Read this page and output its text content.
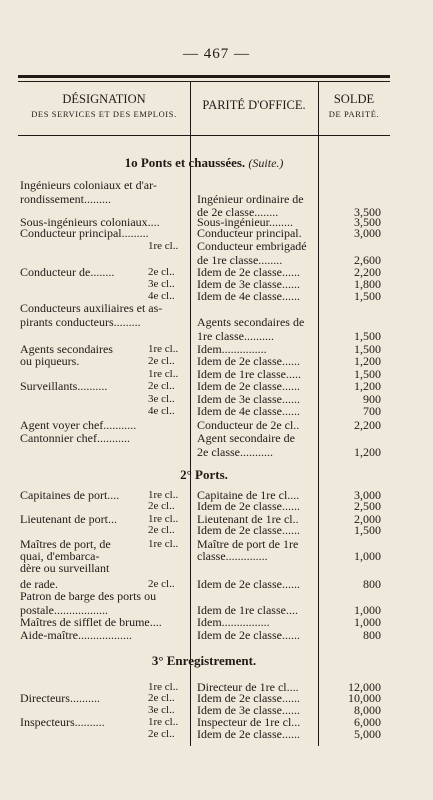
— 467 —
DÉSIGNATION
DES SERVICES ET DES EMPLOIS.
PARITÉ D'OFFICE.	SOLDE
DE PARITÉ.
1o Ponts et chaussées. (Suite.)
2° Ports.
3° Enregistrement.
Ingénieurs coloniaux et d'ar-
rondissement.........	Ingénieur ordinaire de
de 2e classe........	3,500
Sous-ingénieurs coloniaux....	Sous-ingénieur........	3,500
Conducteur principal.........	Conducteur principal.	3,000
1re cl.. Conducteur embrigadé
de 1re classe........	2,600
Conducteur de........	2e cl.. Idem de 2e classe......	2,200
3e cl.. Idem de 3e classe......	1,800
4e cl.. Idem de 4e classe......	1,500
Conducteurs auxiliaires et as-
pirants conducteurs.........	Agents secondaires de
1re classe..........	1,500
Agents secondaires	1re cl.. Idem...............	1,500
ou piqueurs.	2e cl.. Idem de 2e classe......	1,200
1re cl.. Idem de 1re classe.....	1,500
Surveillants..........	2e cl.. Idem de 2e classe......	1,200
3e cl.. Idem de 3e classe......	900
4e cl.. Idem de 4e classe......	700
Agent voyer chef...........	Conducteur de 2e cl..	2,200
Cantonnier chef...........	Agent secondaire de
2e classe...........	1,200
Capitaines de port....	1re cl.. Capitaine de 1re cl....	3,000
2e cl.. Idem de 2e classe......	2,500
Lieutenant de port...	1re cl.. Lieutenant de 1re cl..	2,000
2e cl.. Idem de 2e classe......	1,500
Maîtres de port, de	1re cl.. Maître de port de 1re
quai, d'embarca-	classe..............	1,000
dère ou surveillant
de rade.	2e cl.. Idem de 2e classe......	800
Patron de barge des ports ou
postale..................	Idem de 1re classe....	1,000
Maîtres de sifflet de brume....	Idem................	1,000
Aide-maître..................	Idem de 2e classe......	800
1re cl.. Directeur de 1re cl....	12,000
Directeurs..........	2e cl.. Idem de 2e classe......	10,000
3e cl.. Idem de 3e classe......	8,000
Inspecteurs..........	1re cl.. Inspecteur de 1re cl...	6,000
2e cl.. Idem de 2e classe......	5,000
